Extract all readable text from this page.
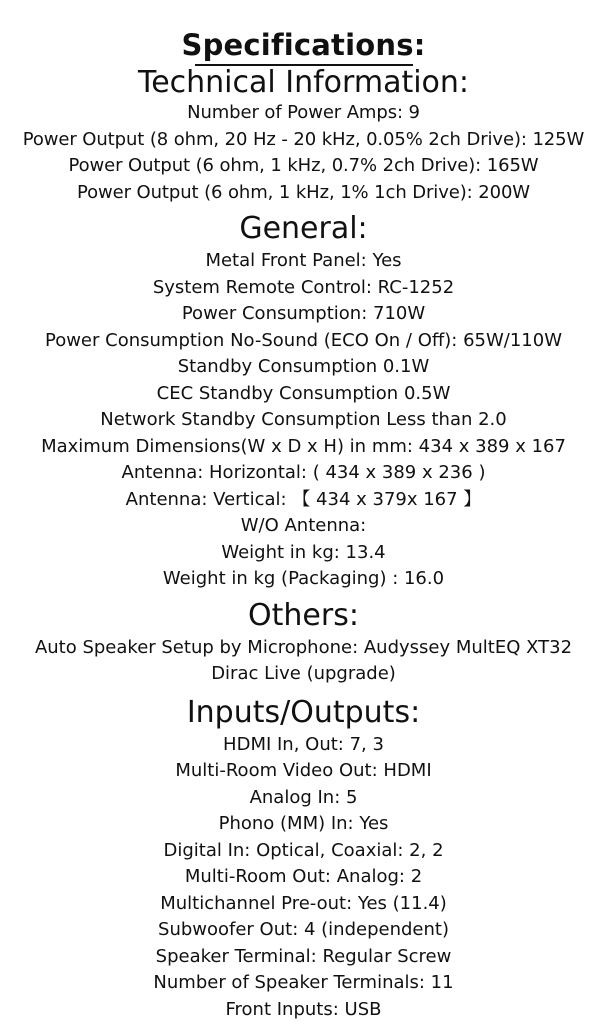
Specifications:
Technical Information:

Number of Power Amps: 9

Power Output (8 ohm, 20 Hz - 20 kHz, 0.05% 2ch Drive): 125W

Power Output (6 ohm, 1 kHz, 0.7% 2ch Drive): 165W

Power Output (6 ohm, 1 kHz, 1% 1ch Drive): 200W

General:

Metal Front Panel: Yes

System Remote Control: RC-1252

Power Consumption: 710W

Power Consumption No-Sound (ECO On / Off): 65W/110W

Standby Consumption 0.1W

CEC Standby Consumption 0.5W

Network Standby Consumption Less than 2.0

Maximum Dimensions(W x D x H) in mm: 434 x 389 x 167

Antenna: Horizontal: ( 434 x 389 x 236 )

Antenna: Vertical: 【 434 x 379x 167 】

W/O Antenna:

Weight in kg: 13.4

Weight in kg (Packaging) : 16.0

Others:

Auto Speaker Setup by Microphone: Audyssey MultEQ XT32

Dirac Live (upgrade)

Inputs/Outputs:

HDMI In, Out: 7, 3

Multi-Room Video Out: HDMI

Analog In: 5

Phono (MM) In: Yes

Digital In: Optical, Coaxial: 2, 2

Multi-Room Out: Analog: 2

Multichannel Pre-out: Yes (11.4)

Subwoofer Out: 4 (independent)

Speaker Terminal: Regular Screw

Number of Speaker Terminals: 11

Front Inputs: USB
